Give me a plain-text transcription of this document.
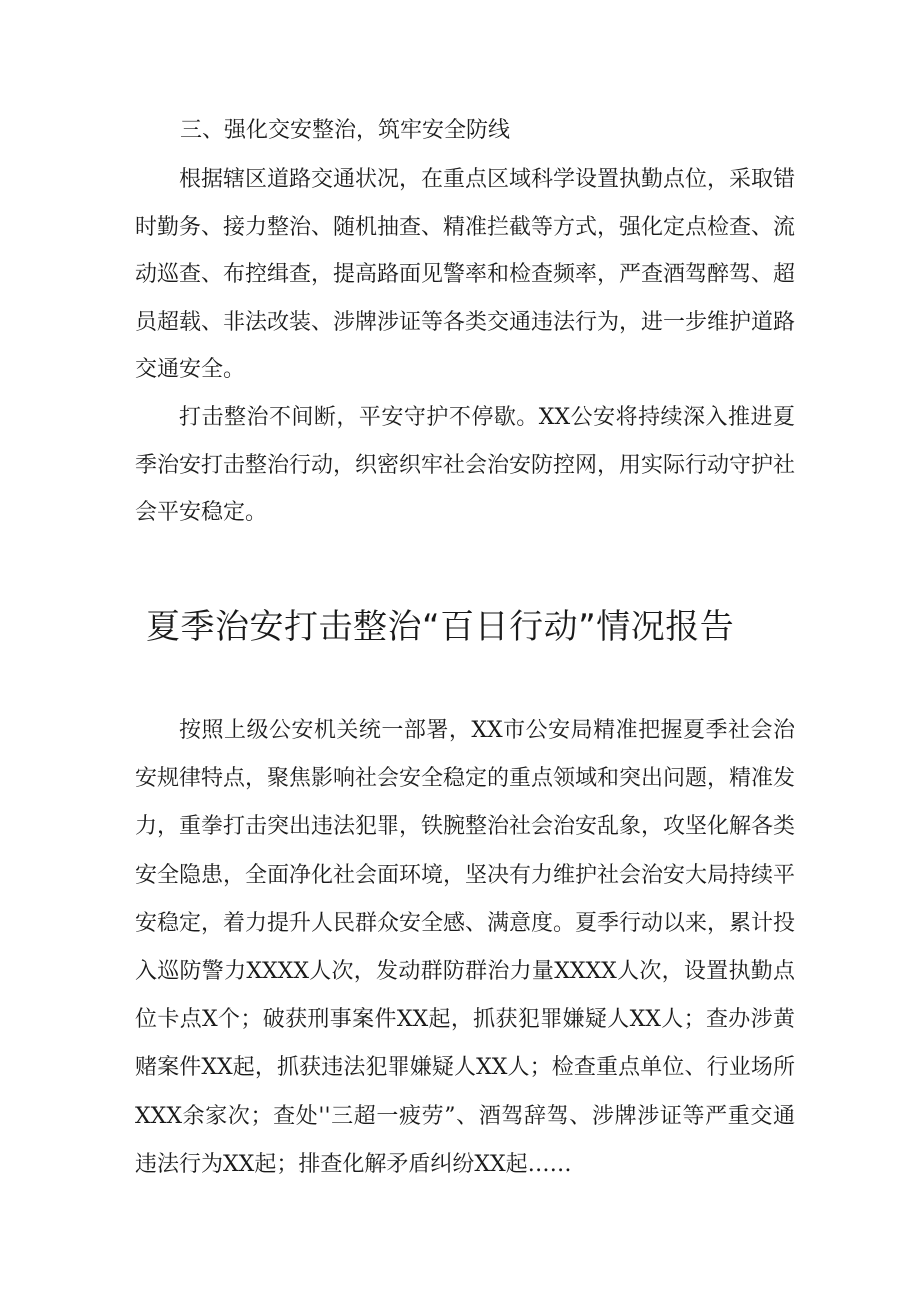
三、强化交安整治，筑牢安全防线

根据辖区道路交通状况，在重点区域科学设置执勤点位，采取错时勤务、接力整治、随机抽查、精准拦截等方式，强化定点检查、流动巡查、布控缉查，提高路面见警率和检查频率，严查酒驾醉驾、超员超载、非法改装、涉牌涉证等各类交通违法行为，进一步维护道路交通安全。

打击整治不间断，平安守护不停歇。XX公安将持续深入推进夏季治安打击整治行动，织密织牢社会治安防控网，用实际行动守护社会平安稳定。

夏季治安打击整治“百日行动”情况报告

按照上级公安机关统一部署，XX市公安局精准把握夏季社会治安规律特点，聚焦影响社会安全稳定的重点领域和突出问题，精准发力，重拳打击突出违法犯罪，铁腕整治社会治安乱象，攻坚化解各类安全隐患，全面净化社会面环境，坚决有力维护社会治安大局持续平安稳定，着力提升人民群众安全感、满意度。夏季行动以来，累计投入巡防警力XXXX人次，发动群防群治力量XXXX人次，设置执勤点位卡点X个；破获刑事案件XX起，抓获犯罪嫌疑人XX人；查办涉黄赌案件XX起，抓获违法犯罪嫌疑人XX人；检查重点单位、行业场所XXX余家次；查处''三超一疲劳”、酒驾辞驾、涉牌涉证等严重交通违法行为XX起；排查化解矛盾纠纷XX起……
